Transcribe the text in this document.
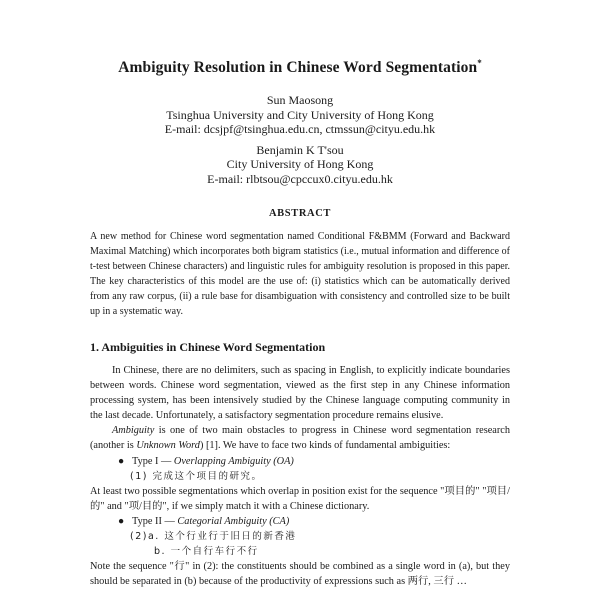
Ambiguity Resolution in Chinese Word Segmentation*
Sun Maosong
Tsinghua University and City University of Hong Kong
E-mail: dcsjpf@tsinghua.edu.cn, ctmssun@cityu.edu.hk
Benjamin K T'sou
City University of Hong Kong
E-mail: rlbtsou@cpccux0.cityu.edu.hk
ABSTRACT
A new method for Chinese word segmentation named Conditional F&BMM (Forward and Backward Maximal Matching) which incorporates both bigram statistics (i.e., mutual information and difference of t-test between Chinese characters) and linguistic rules for ambiguity resolution is proposed in this paper. The key characteristics of this model are the use of: (i) statistics which can be automatically derived from any raw corpus, (ii) a rule base for disambiguation with consistency and controlled size to be built up in a systematic way.
1. Ambiguities in Chinese Word Segmentation

In Chinese, there are no delimiters, such as spacing in English, to explicitly indicate boundaries between words. Chinese word segmentation, viewed as the first step in any Chinese information processing system, has been intensively studied by the Chinese language computing community in the last decade. Unfortunately, a satisfactory segmentation procedure remains elusive.

Ambiguity is one of two main obstacles to progress in Chinese word segmentation research (another is Unknown Word) [1]. We have to face two kinds of fundamental ambiguities:

● Type I — Overlapping Ambiguity (OA)

(1) 完成这个项目的研究。

At least two possible segmentations which overlap in position exist for the sequence "项目的" "项目/的" and "项/目的", if we simply match it with a Chinese dictionary.

● Type II — Categorial Ambiguity (CA)

(2)a. 这个行业行于旧日的新香港

b. 一个自行车行不行

Note the sequence "行" in (2): the constituents should be combined as a single word in (a), but they should be separated in (b) because of the productivity of expressions such as 两行, 三行 …
